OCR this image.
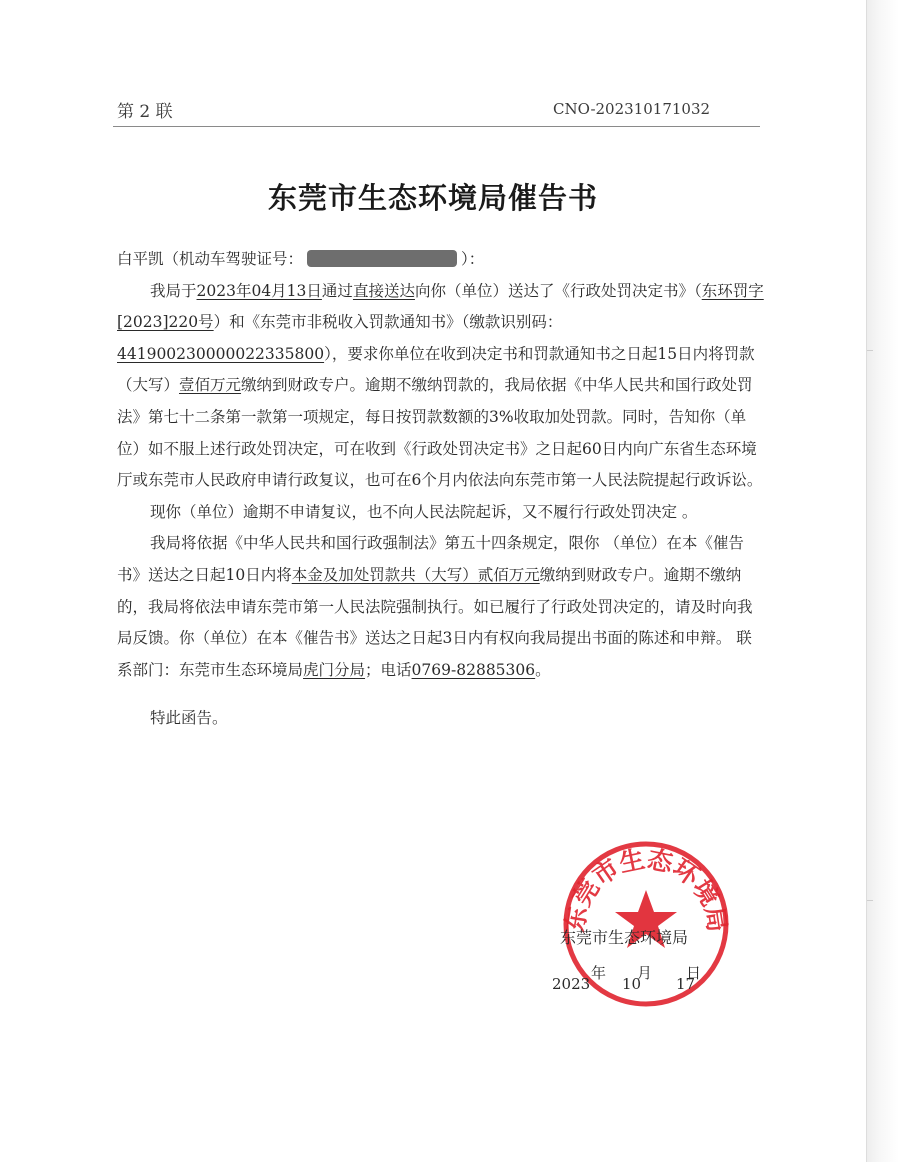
第 2 联	CNO-202310171032
东莞市生态环境局催告书

白平凯（机动车驾驶证号：	）：

我局于2023年04月13日通过直接送达向你（单位）送达了《行政处罚决定书》（东环罚字[2023]220号）和《东莞市非税收入罚款通知书》（缴款识别码：441900230000022335800），要求你单位在收到决定书和罚款通知书之日起15日内将罚款（大写）壹佰万元缴纳到财政专户。逾期不缴纳罚款的，我局依据《中华人民共和国行政处罚法》第七十二条第一款第一项规定，每日按罚款数额的3%收取加处罚款。同时，告知你（单位）如不服上述行政处罚决定，可在收到《行政处罚决定书》之日起60日内向广东省生态环境厅或东莞市人民政府申请行政复议，也可在6个月内依法向东莞市第一人民法院提起行政诉讼。

现你（单位）逾期不申请复议，也不向人民法院起诉，又不履行行政处罚决定 。

我局将依据《中华人民共和国行政强制法》第五十四条规定，限你 （单位）在本《催告书》送达之日起10日内将本金及加处罚款共（大写）贰佰万元缴纳到财政专户。逾期不缴纳的，我局将依法申请东莞市第一人民法院强制执行。如已履行了行政处罚决定的，请及时向我局反馈。你（单位）在本《催告书》送达之日起3日内有权向我局提出书面的陈述和申辩。 联系部门：东莞市生态环境局虎门分局；电话0769-82885306。

特此函告。

东莞市生态环境局
东莞市生态环境局
年 月 日
2023 10 17
